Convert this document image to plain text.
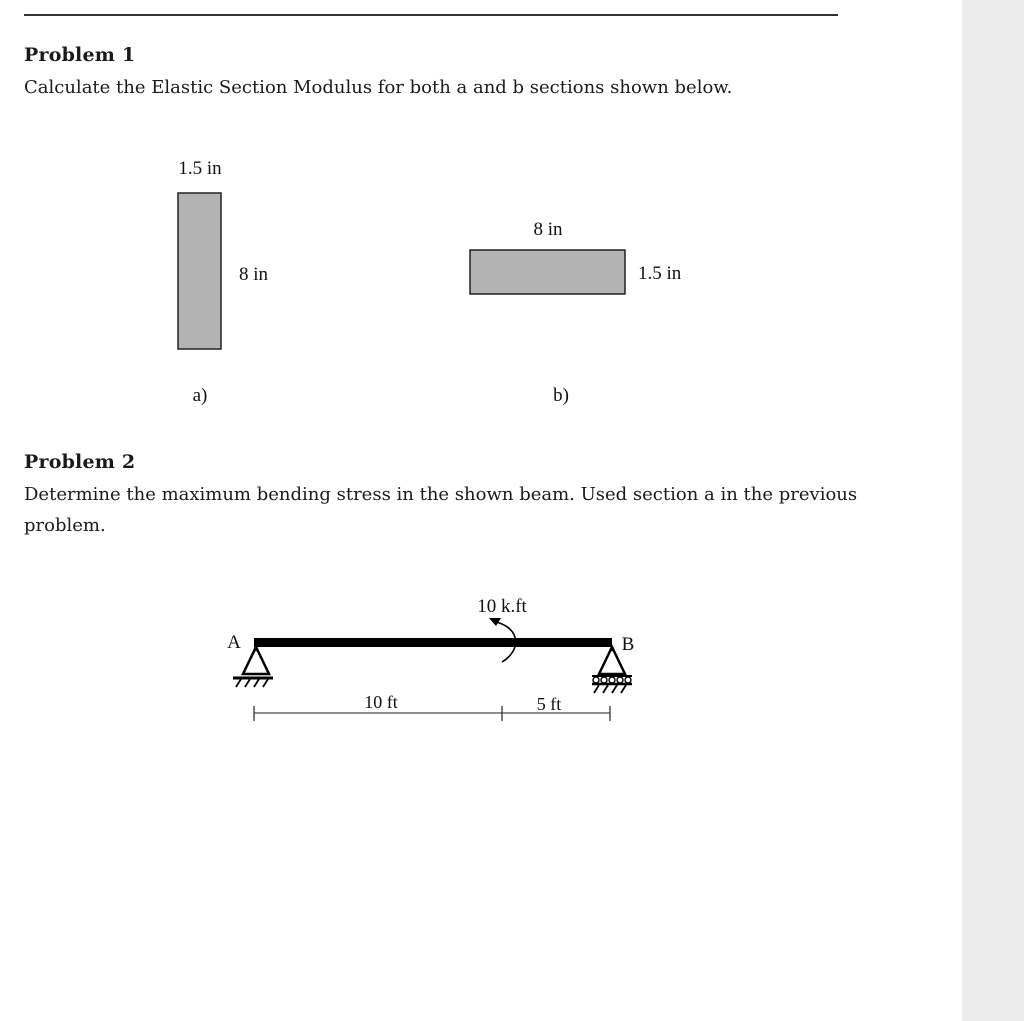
Problem 1
Calculate the Elastic Section Modulus for both a and b sections shown below.
1.5 in
8 in
a)
8 in
1.5 in
b)
Problem 2
Determine the maximum bending stress in the shown beam. Used section a in the previous
problem.
A	B
10 k.ft
10 ft	5 ft
